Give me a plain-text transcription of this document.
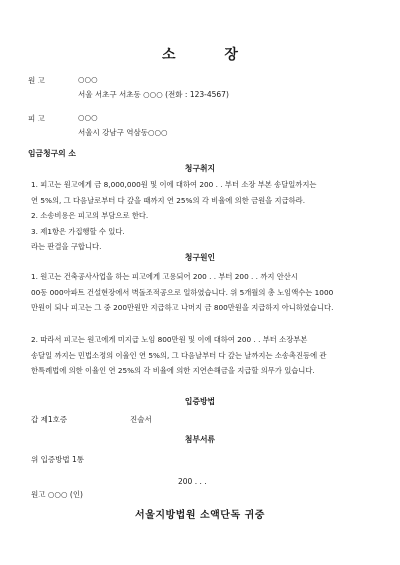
소 장
원 고	○○○
서울 서초구 서초동 ○○○ (전화 : 123-4567)
피 고	○○○
서울시 강남구 역삼동○○○
임금청구의 소
청구취지
1. 피고는 원고에게 금 8,000,000원 및 이에 대하여 200 . . 부터 소장 부본 송달일까지는
연 5%의, 그 다음날로부터 다 갚을 때까지 연 25%의 각 비율에 의한 금원을 지급하라.
2. 소송비용은 피고의 부담으로 한다.
3. 제1항은 가집행할 수 있다.
라는 판결을 구합니다.
청구원인
1. 원고는 건축공사사업을 하는 피고에게 고용되어 200 . . 부터 200 . . 까지 안산시
00동 000아파트 건설현장에서 벽돌조적공으로 일하였습니다. 위 5개월의 총 노임액수는 1000
만원이 되나 피고는 그 중 200만원만 지급하고 나머지 금 800만원을 지급하지 아니하였습니다.
2. 따라서 피고는 원고에게 미지급 노임 800만원 및 이에 대하여 200 . . 부터 소장부본
송달일 까지는 민법소정의 이율인 연 5%의, 그 다음날부터 다 갚는 날까지는 소송촉진등에 관
한특례법에 의한 이율인 연 25%의 각 비율에 의한 지연손해금을 지급할 의무가 있습니다.
입증방법
갑 제1호증	진술서
첨부서류
위 입증방법 1통
200 . . .
원고 ○○○ (인)
서울지방법원 소액단독 귀중
